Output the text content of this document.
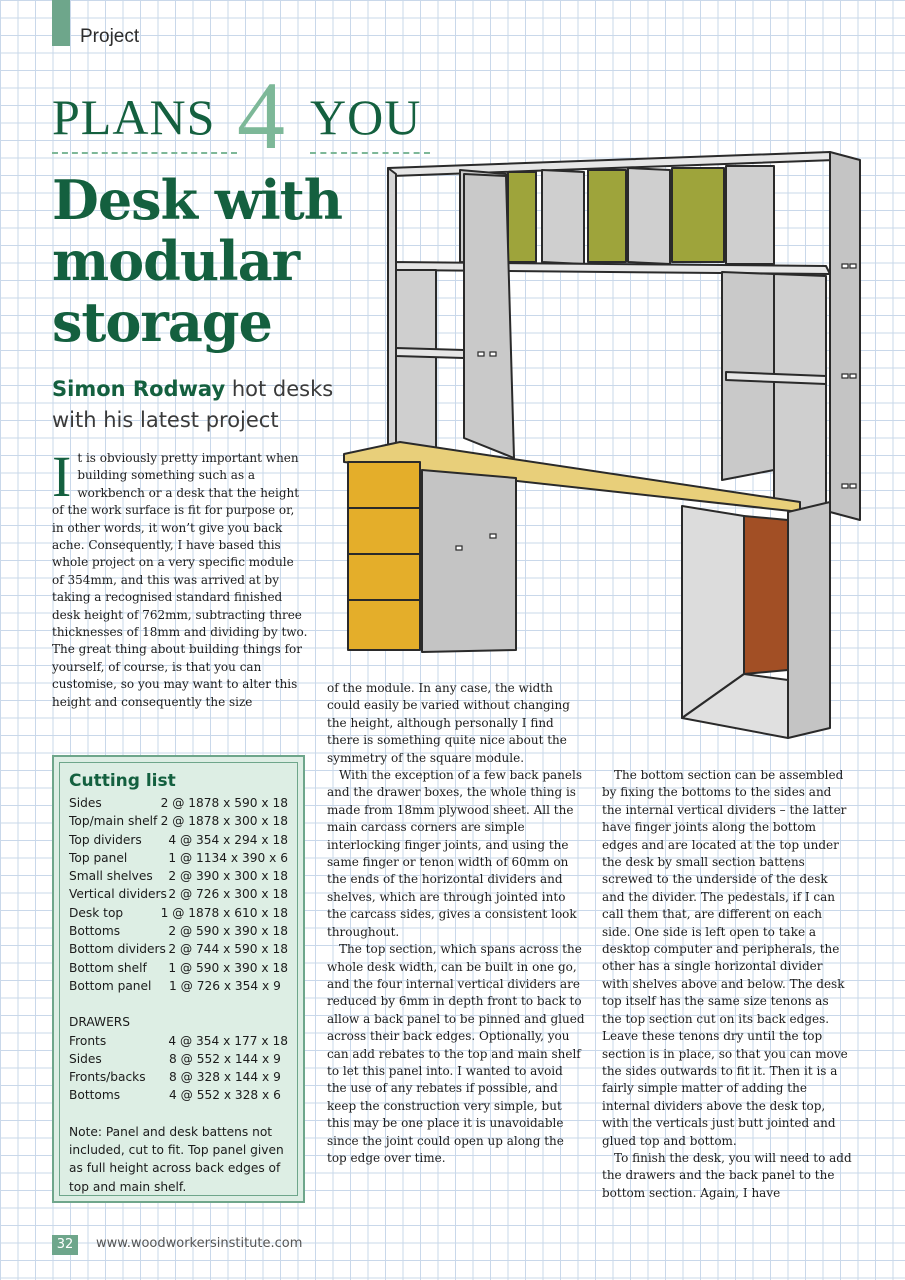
Project
PLANS 4 YOU
Desk with
modular
storage
Simon Rodway hot desks
with his latest project
I t is obviously pretty important when building something such as a workbench or a desk that the height of the work surface is fit for purpose or, in other words, it won’t give you back ache. Consequently, I have based this whole project on a very specific module of 354mm, and this was arrived at by taking a recognised standard finished desk height of 762mm, subtracting three thicknesses of 18mm and dividing by two. The great thing about building things for yourself, of course, is that you can customise, so you may want to alter this height and consequently the size
Cutting list
Sides	2 @ 1878 x 590 x 18
Top/main shelf 2 @ 1878 x 300 x 18
Top dividers	4 @ 354 x 294 x 18
Top panel	1 @ 1134 x 390 x 6
Small shelves	2 @ 390 x 300 x 18
Vertical dividers 2 @ 726 x 300 x 18
Desk top	1 @ 1878 x 610 x 18
Bottoms	2 @ 590 x 390 x 18
Bottom dividers 2 @ 744 x 590 x 18
Bottom shelf	1 @ 590 x 390 x 18
Bottom panel	1 @ 726 x 354 x 9
DRAWERS
Fronts	4 @ 354 x 177 x 18
Sides	8 @ 552 x 144 x 9
Fronts/backs	8 @ 328 x 144 x 9
Bottoms	4 @ 552 x 328 x 6
Note: Panel and desk battens not included, cut to fit. Top panel given as full height across back edges of top and main shelf.

of the module. In any case, the width could easily be varied without changing the height, although personally I find there is something quite nice about the symmetry of the square module.

With the exception of a few back panels and the drawer boxes, the whole thing is made from 18mm plywood sheet. All the main carcass corners are simple interlocking finger joints, and using the same finger or tenon width of 60mm on the ends of the horizontal dividers and shelves, which are through jointed into the carcass sides, gives a consistent look throughout.

The top section, which spans across the whole desk width, can be built in one go, and the four internal vertical dividers are reduced by 6mm in depth front to back to allow a back panel to be pinned and glued across their back edges. Optionally, you can add rebates to the top and main shelf to let this panel into. I wanted to avoid the use of any rebates if possible, and keep the construction very simple, but this may be one place it is unavoidable since the joint could open up along the top edge over time.

The bottom section can be assembled by fixing the bottoms to the sides and the internal vertical dividers – the latter have finger joints along the bottom edges and are located at the top under the desk by small section battens screwed to the underside of the desk and the divider. The pedestals, if I can call them that, are different on each side. One side is left open to take a desktop computer and peripherals, the other has a single horizontal divider with shelves above and below. The desk top itself has the same size tenons as the top section cut on its back edges. Leave these tenons dry until the top section is in place, so that you can move the sides outwards to fit it. Then it is a fairly simple matter of adding the internal dividers above the desk top, with the verticals just butt jointed and glued top and bottom.

To finish the desk, you will need to add the drawers and the back panel to the bottom section. Again, I have

32	www.woodworkersinstitute.com
